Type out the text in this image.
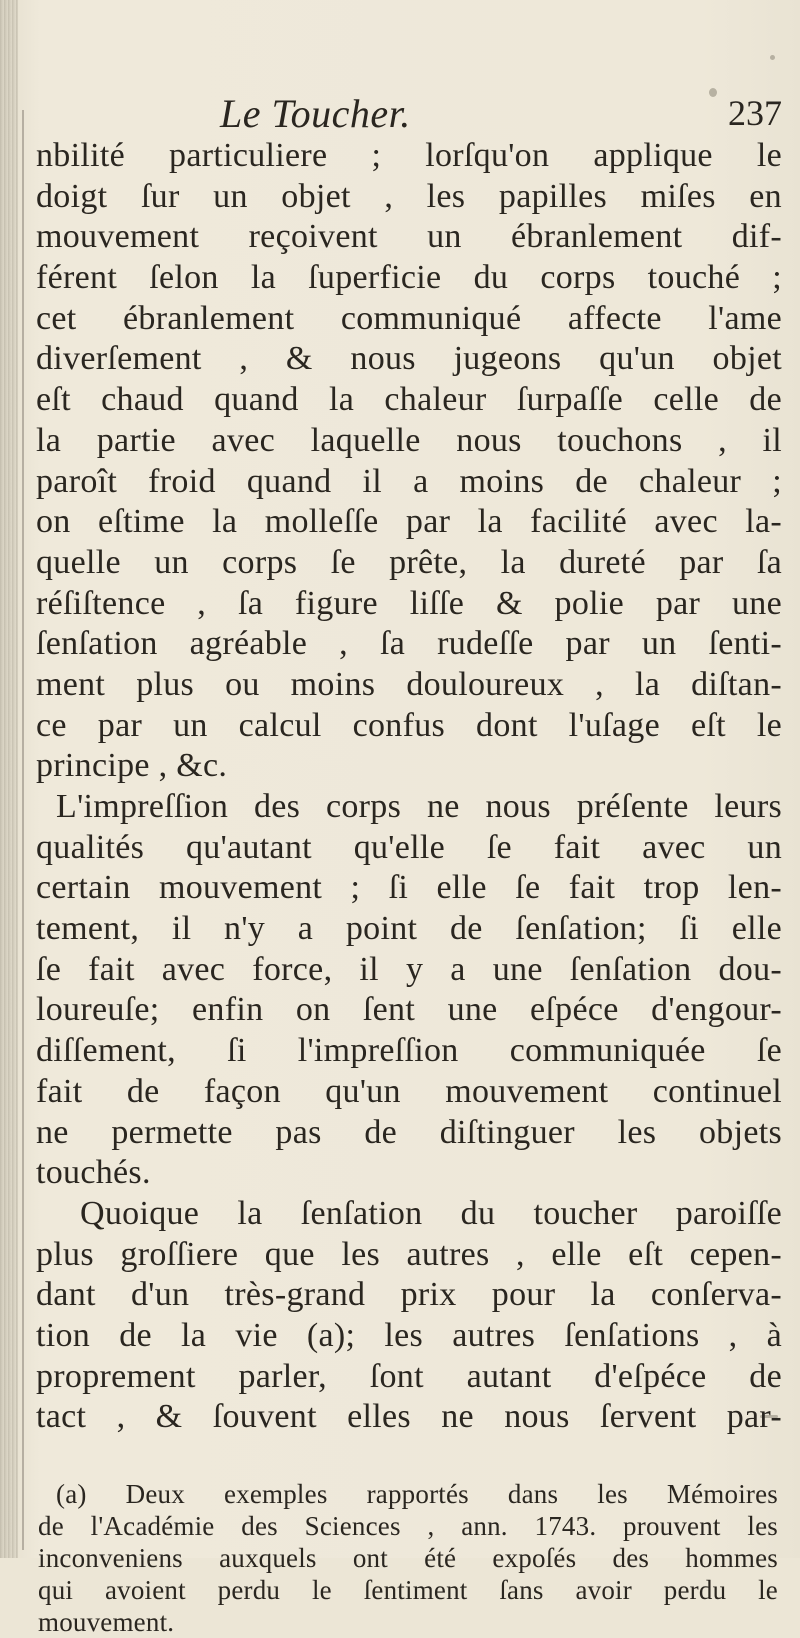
Le Toucher.	237
nbilité particuliere ; lorſqu'on applique le
doigt ſur un objet , les papilles miſes en
mouvement reçoivent un ébranlement dif-
férent ſelon la ſuperficie du corps touché ;
cet ébranlement communiqué affecte l'ame
diverſement , & nous jugeons qu'un objet
eſt chaud quand la chaleur ſurpaſſe celle de
la partie avec laquelle nous touchons , il
paroît froid quand il a moins de chaleur ;
on eſtime la molleſſe par la facilité avec la-
quelle un corps ſe prête, la dureté par ſa
réſiſtence , ſa figure liſſe & polie par une
ſenſation agréable , ſa rudeſſe par un ſenti-
ment plus ou moins douloureux , la diſtan-
ce par un calcul confus dont l'uſage eſt le
principe , &c.
L'impreſſion des corps ne nous préſente leurs
qualités qu'autant qu'elle ſe fait avec un
certain mouvement ; ſi elle ſe fait trop len-
tement, il n'y a point de ſenſation; ſi elle
ſe fait avec force, il y a une ſenſation dou-
loureuſe; enfin on ſent une eſpéce d'engour-
diſſement, ſi l'impreſſion communiquée ſe
fait de façon qu'un mouvement continuel
ne permette pas de diſtinguer les objets
touchés.
Quoique la ſenſation du toucher paroiſſe
plus groſſiere que les autres , elle eſt cepen-
dant d'un très-grand prix pour la conſerva-
tion de la vie (a); les autres ſenſations , à
proprement parler, ſont autant d'eſpéce de
tact , & ſouvent elles ne nous ſervent par-
(a) Deux exemples rapportés dans les Mémoires
de l'Académie des Sciences , ann. 1743. prouvent les
inconveniens auxquels ont été expoſés des hommes
qui avoient perdu le ſentiment ſans avoir perdu le
mouvement.
